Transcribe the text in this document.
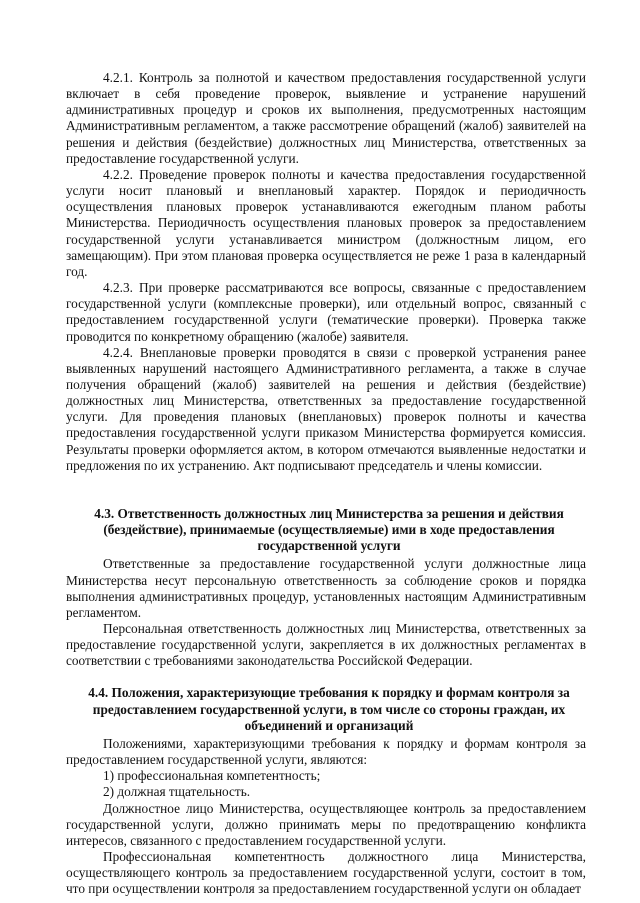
4.2.1. Контроль за полнотой и качеством предоставления государственной услуги включает в себя проведение проверок, выявление и устранение нарушений административных процедур и сроков их выполнения, предусмотренных настоящим Административным регламентом, а также рассмотрение обращений (жалоб) заявителей на решения и действия (бездействие) должностных лиц Министерства, ответственных за предоставление государственной услуги.

4.2.2. Проведение проверок полноты и качества предоставления государственной услуги носит плановый и внеплановый характер. Порядок и периодичность осуществления плановых проверок устанавливаются ежегодным планом работы Министерства. Периодичность осуществления плановых проверок за предоставлением государственной услуги устанавливается министром (должностным лицом, его замещающим). При этом плановая проверка осуществляется не реже 1 раза в календарный год.

4.2.3. При проверке рассматриваются все вопросы, связанные с предоставлением государственной услуги (комплексные проверки), или отдельный вопрос, связанный с предоставлением государственной услуги (тематические проверки). Проверка также проводится по конкретному обращению (жалобе) заявителя.

4.2.4. Внеплановые проверки проводятся в связи с проверкой устранения ранее выявленных нарушений настоящего Административного регламента, а также в случае получения обращений (жалоб) заявителей на решения и действия (бездействие) должностных лиц Министерства, ответственных за предоставление государственной услуги. Для проведения плановых (внеплановых) проверок полноты и качества предоставления государственной услуги приказом Министерства формируется комиссия. Результаты проверки оформляется актом, в котором отмечаются выявленные недостатки и предложения по их устранению. Акт подписывают председатель и члены комиссии.

4.3. Ответственность должностных лиц Министерства за решения и действия (бездействие), принимаемые (осуществляемые) ими в ходе предоставления государственной услуги

Ответственные за предоставление государственной услуги должностные лица Министерства несут персональную ответственность за соблюдение сроков и порядка выполнения административных процедур, установленных настоящим Административным регламентом.

Персональная ответственность должностных лиц Министерства, ответственных за предоставление государственной услуги, закрепляется в их должностных регламентах в соответствии с требованиями законодательства Российской Федерации.

4.4. Положения, характеризующие требования к порядку и формам контроля за предоставлением государственной услуги, в том числе со стороны граждан, их объединений и организаций

Положениями, характеризующими требования к порядку и формам контроля за предоставлением государственной услуги, являются:

1) профессиональная компетентность;

2) должная тщательность.

Должностное лицо Министерства, осуществляющее контроль за предоставлением государственной услуги, должно принимать меры по предотвращению конфликта интересов, связанного с предоставлением государственной услуги.

Профессиональная компетентность должностного лица Министерства, осуществляющего контроль за предоставлением государственной услуги, состоит в том, что при осуществлении контроля за предоставлением государственной услуги он обладает
